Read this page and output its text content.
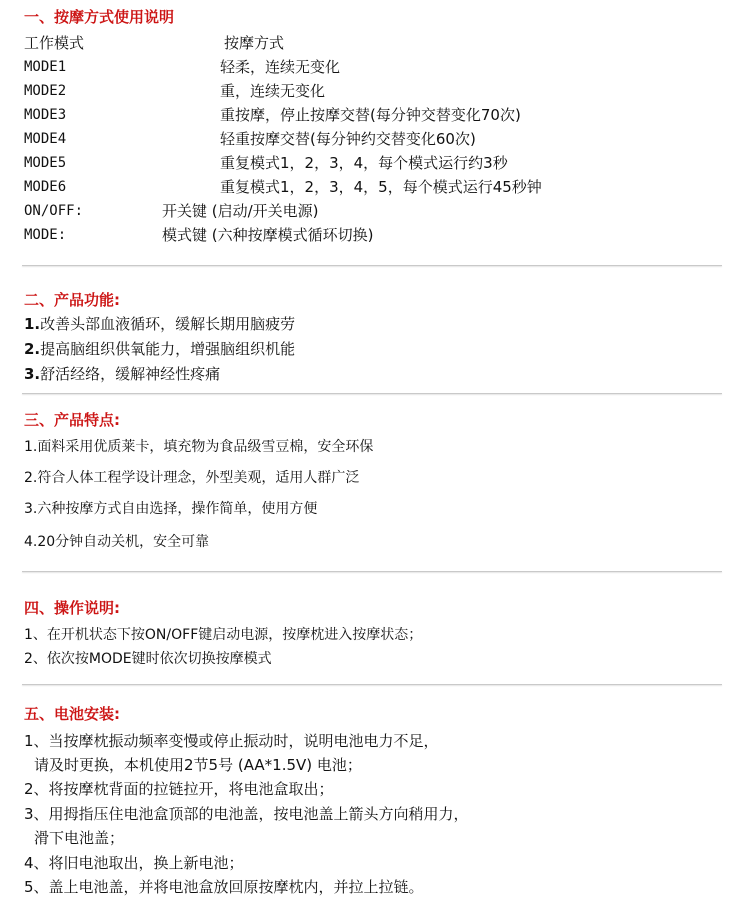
一、按摩方式使用说明
工作模式	按摩方式
MODE1	轻柔，连续无变化
MODE2	重，连续无变化
MODE3	重按摩，停止按摩交替(每分钟交替变化70次)
MODE4	轻重按摩交替(每分钟约交替变化60次)
MODE5	重复模式1，2，3，4，每个模式运行约3秒
MODE6	重复模式1，2，3，4，5，每个模式运行45秒钟
ON/OFF:	开关键 (启动/开关电源)
MODE:	模式键 (六种按摩模式循环切换)
二、产品功能:
1.改善头部血液循环，缓解长期用脑疲劳
2.提高脑组织供氧能力，增强脑组织机能
3.舒活经络，缓解神经性疼痛
三、产品特点:
1.面料采用优质莱卡，填充物为食品级雪豆棉，安全环保
2.符合人体工程学设计理念，外型美观，适用人群广泛
3.六种按摩方式自由选择，操作简单，使用方便
4.20分钟自动关机，安全可靠
四、操作说明:
1、在开机状态下按ON/OFF键启动电源，按摩枕进入按摩状态；
2、依次按MODE键时依次切换按摩模式
五、电池安装:
1、当按摩枕振动频率变慢或停止振动时，说明电池电力不足，
请及时更换，本机使用2节5号 (AA*1.5V) 电池；
2、将按摩枕背面的拉链拉开，将电池盒取出；
3、用拇指压住电池盒顶部的电池盖，按电池盖上箭头方向稍用力，
滑下电池盖；
4、将旧电池取出，换上新电池；
5、盖上电池盖，并将电池盒放回原按摩枕内，并拉上拉链。
